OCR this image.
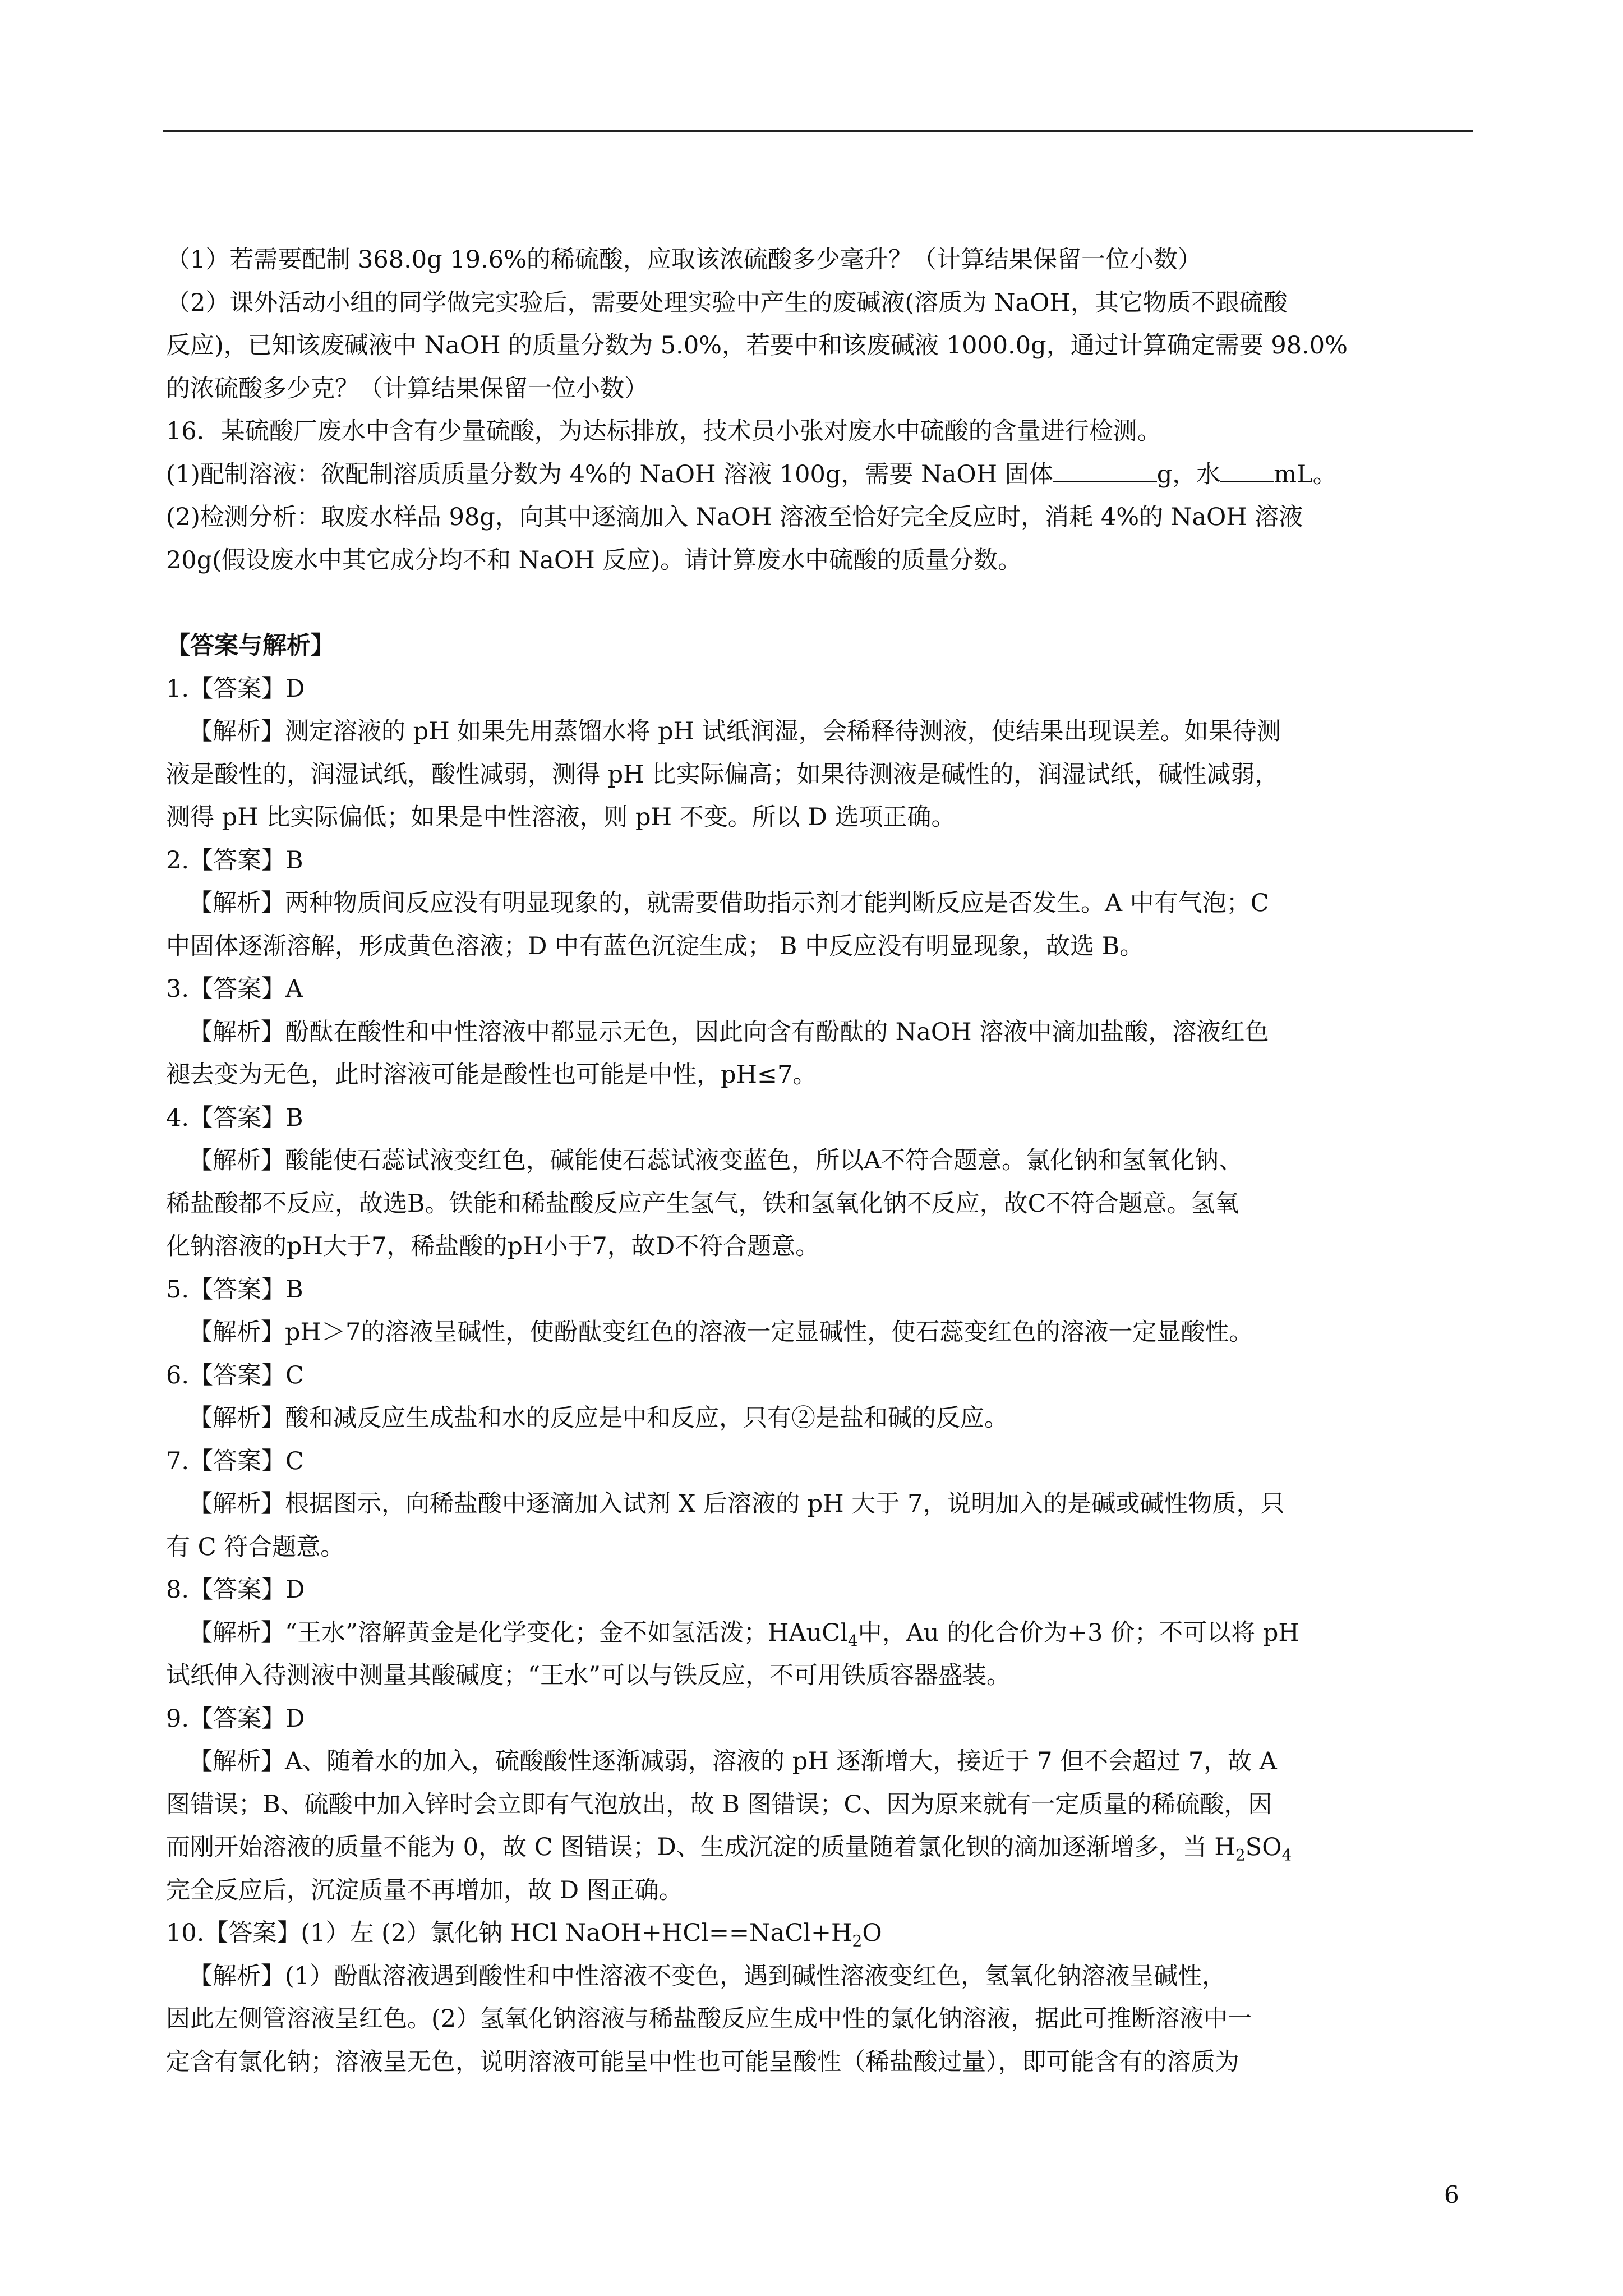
（1）若需要配制 368.0g 19.6%的稀硫酸，应取该浓硫酸多少毫升？（计算结果保留一位小数）

（2）课外活动小组的同学做完实验后，需要处理实验中产生的废碱液(溶质为 NaOH，其它物质不跟硫酸

反应)，已知该废碱液中 NaOH 的质量分数为 5.0%，若要中和该废碱液 1000.0g，通过计算确定需要 98.0%

的浓硫酸多少克？（计算结果保留一位小数）

16．某硫酸厂废水中含有少量硫酸，为达标排放，技术员小张对废水中硫酸的含量进行检测。

(1)配制溶液：欲配制溶质质量分数为 4%的 NaOH 溶液 100g，需要 NaOH 固体	g，水 mL。

(2)检测分析：取废水样品 98g，向其中逐滴加入 NaOH 溶液至恰好完全反应时，消耗 4%的 NaOH 溶液

20g(假设废水中其它成分均不和 NaOH 反应)。请计算废水中硫酸的质量分数。

【答案与解析】

1.【答案】D

【解析】测定溶液的 pH 如果先用蒸馏水将 pH 试纸润湿，会稀释待测液，使结果出现误差。如果待测

液是酸性的，润湿试纸，酸性减弱，测得 pH 比实际偏高；如果待测液是碱性的，润湿试纸，碱性减弱，

测得 pH 比实际偏低；如果是中性溶液，则 pH 不变。所以 D 选项正确。

2.【答案】B

【解析】两种物质间反应没有明显现象的，就需要借助指示剂才能判断反应是否发生。A 中有气泡；C

中固体逐渐溶解，形成黄色溶液；D 中有蓝色沉淀生成； B 中反应没有明显现象，故选 B。

3.【答案】A

【解析】酚酞在酸性和中性溶液中都显示无色，因此向含有酚酞的 NaOH 溶液中滴加盐酸，溶液红色

褪去变为无色，此时溶液可能是酸性也可能是中性，pH≤7。

4.【答案】B

【解析】酸能使石蕊试液变红色，碱能使石蕊试液变蓝色，所以A不符合题意。氯化钠和氢氧化钠、

稀盐酸都不反应，故选B。铁能和稀盐酸反应产生氢气，铁和氢氧化钠不反应，故C不符合题意。氢氧

化钠溶液的pH大于7，稀盐酸的pH小于7，故D不符合题意。

5.【答案】B

【解析】pH＞7的溶液呈碱性，使酚酞变红色的溶液一定显碱性，使石蕊变红色的溶液一定显酸性。

6.【答案】C

【解析】酸和减反应生成盐和水的反应是中和反应，只有②是盐和碱的反应。

7.【答案】C

【解析】根据图示，向稀盐酸中逐滴加入试剂 X 后溶液的 pH 大于 7，说明加入的是碱或碱性物质，只

有 C 符合题意。

8.【答案】D

【解析】“王水”溶解黄金是化学变化；金不如氢活泼；HAuCl$_4$中，Au 的化合价为+3 价；不可以将 pH

试纸伸入待测液中测量其酸碱度；“王水”可以与铁反应，不可用铁质容器盛装。

9.【答案】D

【解析】A、随着水的加入，硫酸酸性逐渐减弱，溶液的 pH 逐渐增大，接近于 7 但不会超过 7，故 A

图错误；B、硫酸中加入锌时会立即有气泡放出，故 B 图错误；C、因为原来就有一定质量的稀硫酸，因

而刚开始溶液的质量不能为 0，故 C 图错误；D、生成沉淀的质量随着氯化钡的滴加逐渐增多，当 $H_2SO_4$

完全反应后，沉淀质量不再增加，故 D 图正确。

10.【答案】(1）左 (2）氯化钠 HCl $NaOH+HCl==NaCl+H_2O$

【解析】(1）酚酞溶液遇到酸性和中性溶液不变色，遇到碱性溶液变红色，氢氧化钠溶液呈碱性，

因此左侧管溶液呈红色。(2）氢氧化钠溶液与稀盐酸反应生成中性的氯化钠溶液，据此可推断溶液中一

定含有氯化钠；溶液呈无色，说明溶液可能呈中性也可能呈酸性（稀盐酸过量），即可能含有的溶质为

6
